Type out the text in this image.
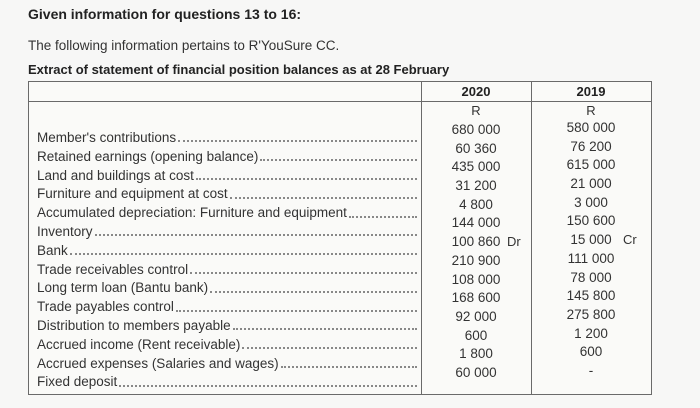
Given information for questions 13 to 16:
The following information pertains to R'YouSure CC.
Extract of statement of financial position balances as at 28 February
2020	2019
R	R
Member's contributions
Retained earnings (opening balance)
Land and buildings at cost
Furniture and equipment at cost
Accumulated depreciation: Furniture and equipment
Inventory
Bank
Trade receivables control
Long term loan (Bantu bank)
Trade payables control
Distribution to members payable
Accrued income (Rent receivable)
Accrued expenses (Salaries and wages)
Fixed deposit
680 000
60 360
435 000
31 200
4 800
144 000
100 860 Dr
210 900
108 000
168 600
92 000
600
1 800
60 000
580 000
76 200
615 000
21 000
3 000
150 600
15 000 Cr
111 000
78 000
145 800
275 800
1 200
600
-
